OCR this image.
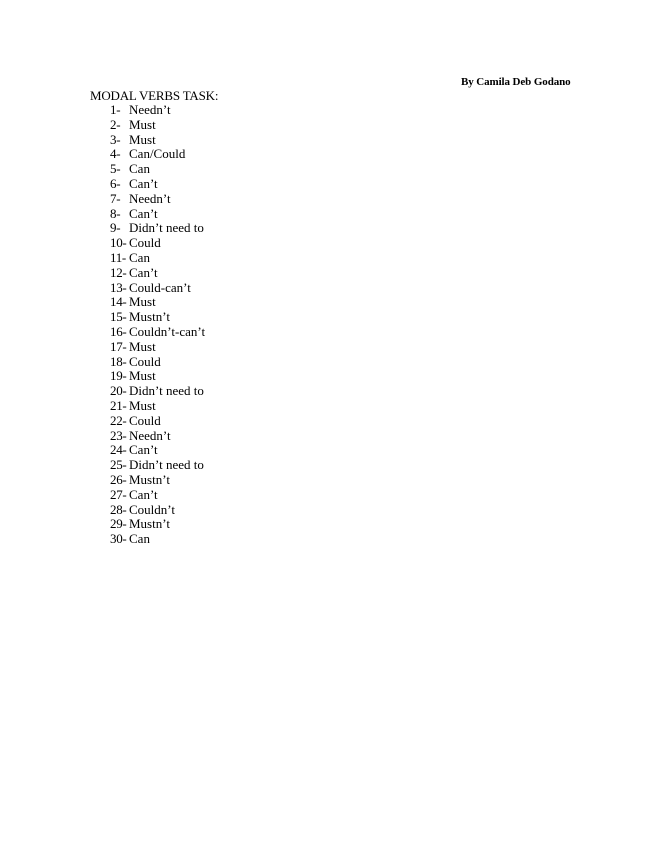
By Camila Deb Godano
MODAL VERBS TASK:
1- Needn’t
2- Must
3- Must
4- Can/Could
5- Can
6- Can’t
7- Needn’t
8- Can’t
9- Didn’t need to
10- Could
11- Can
12- Can’t
13- Could-can’t
14- Must
15- Mustn’t
16- Couldn’t-can’t
17- Must
18- Could
19- Must
20- Didn’t need to
21- Must
22- Could
23- Needn’t
24- Can’t
25- Didn’t need to
26- Mustn’t
27- Can’t
28- Couldn’t
29- Mustn’t
30- Can
